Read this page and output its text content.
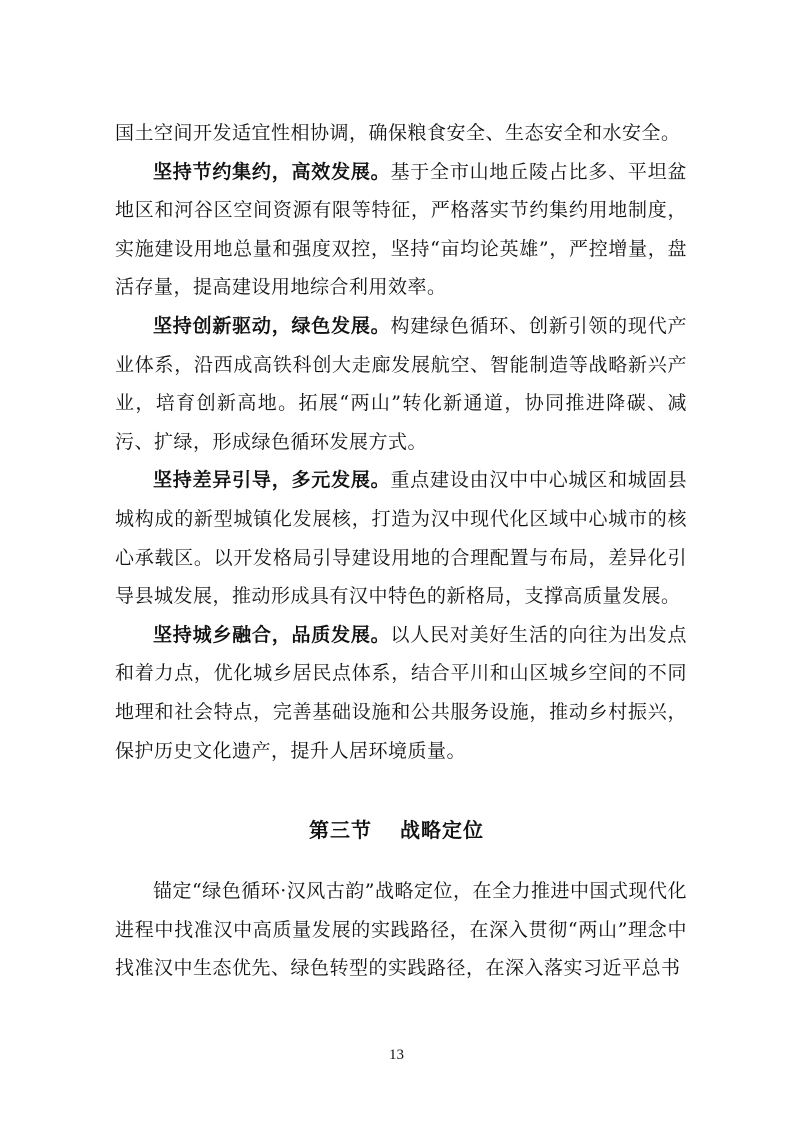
国土空间开发适宜性相协调，确保粮食安全、生态安全和水安全。

坚持节约集约，高效发展。基于全市山地丘陵占比多、平坦盆地区和河谷区空间资源有限等特征，严格落实节约集约用地制度，实施建设用地总量和强度双控，坚持“亩均论英雄”，严控增量，盘活存量，提高建设用地综合利用效率。

坚持创新驱动，绿色发展。构建绿色循环、创新引领的现代产业体系，沿西成高铁科创大走廊发展航空、智能制造等战略新兴产业，培育创新高地。拓展“两山”转化新通道，协同推进降碳、减污、扩绿，形成绿色循环发展方式。

坚持差异引导，多元发展。重点建设由汉中中心城区和城固县城构成的新型城镇化发展核，打造为汉中现代化区域中心城市的核心承载区。以开发格局引导建设用地的合理配置与布局，差异化引导县城发展，推动形成具有汉中特色的新格局，支撑高质量发展。

坚持城乡融合，品质发展。以人民对美好生活的向往为出发点和着力点，优化城乡居民点体系，结合平川和山区城乡空间的不同地理和社会特点，完善基础设施和公共服务设施，推动乡村振兴，保护历史文化遗产，提升人居环境质量。

第三节 战略定位

锚定“绿色循环·汉风古韵”战略定位，在全力推进中国式现代化进程中找准汉中高质量发展的实践路径，在深入贯彻“两山”理念中找准汉中生态优先、绿色转型的实践路径，在深入落实习近平总书

13
